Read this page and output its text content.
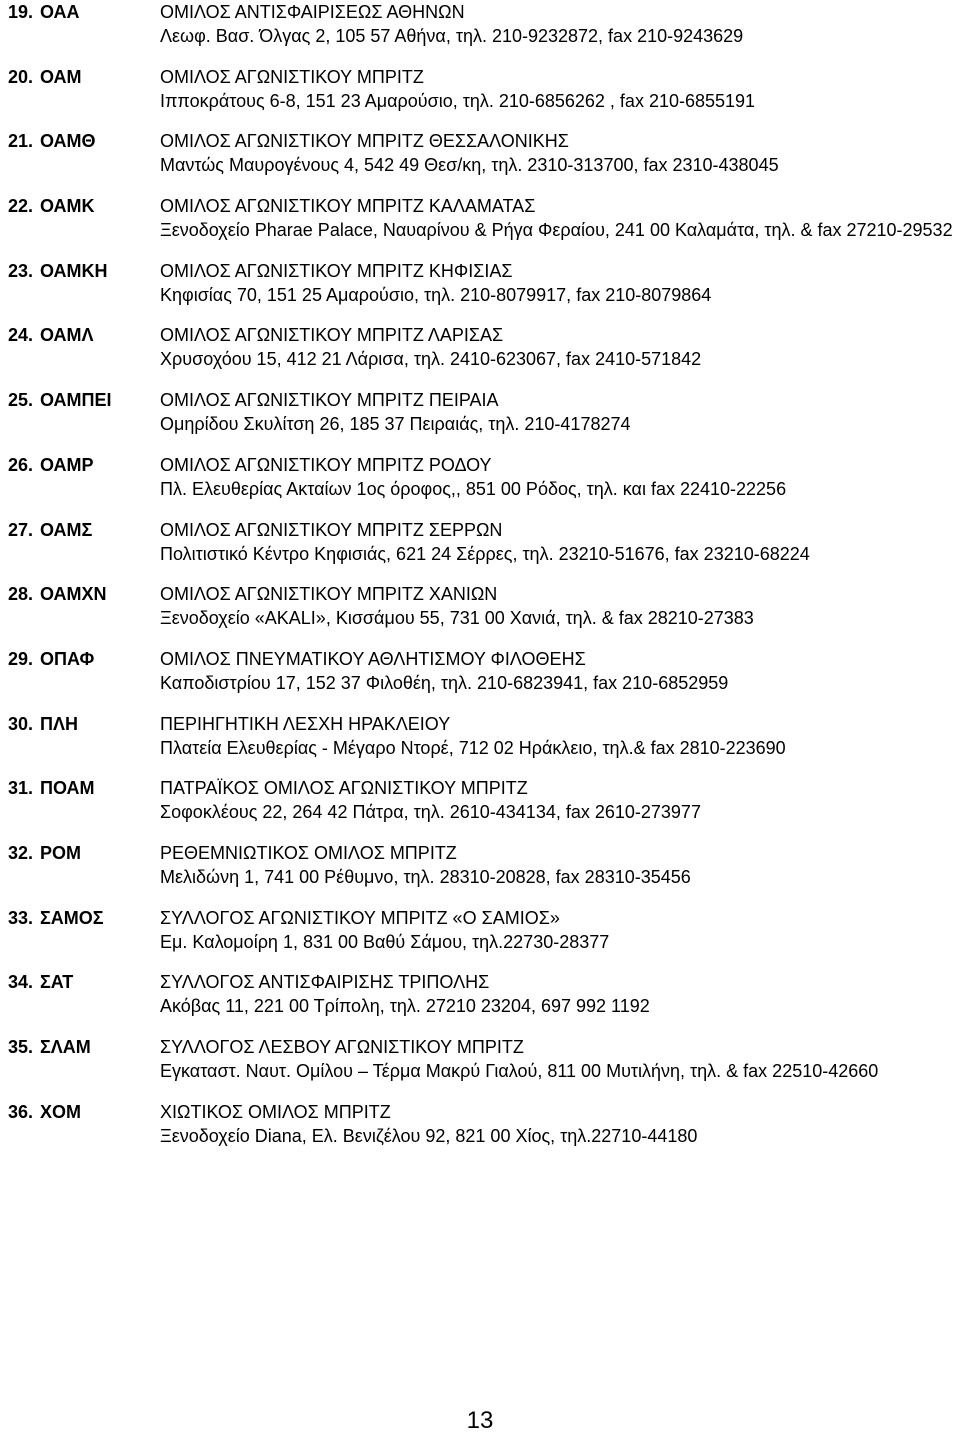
19. ΟΑΑ	ΟΜΙΛΟΣ ΑΝΤΙΣΦΑΙΡΙΣΕΩΣ ΑΘΗΝΩΝ
Λεωφ. Βασ. Όλγας 2, 105 57 Αθήνα, τηλ. 210-9232872, fax 210-9243629
20. ΟΑΜ	ΟΜΙΛΟΣ ΑΓΩΝΙΣΤΙΚΟΥ ΜΠΡΙΤΖ
Ιπποκράτους 6-8, 151 23 Αμαρούσιο, τηλ. 210-6856262 , fax 210-6855191
21. ΟΑΜΘ	ΟΜΙΛΟΣ ΑΓΩΝΙΣΤΙΚΟΥ ΜΠΡΙΤΖ ΘΕΣΣΑΛΟΝΙΚΗΣ
Μαντώς Μαυρογένους 4, 542 49 Θεσ/κη, τηλ. 2310-313700, fax 2310-438045
22. ΟΑΜΚ	ΟΜΙΛΟΣ ΑΓΩΝΙΣΤΙΚΟΥ ΜΠΡΙΤΖ ΚΑΛΑΜΑΤΑΣ
Ξενοδοχείο Pharae Palace, Ναυαρίνου & Ρήγα Φεραίου, 241 00 Καλαμάτα, τηλ. & fax 27210-29532
23. ΟΑΜΚΗ	ΟΜΙΛΟΣ ΑΓΩΝΙΣΤΙΚΟΥ ΜΠΡΙΤΖ ΚΗΦΙΣΙΑΣ
Κηφισίας 70, 151 25 Αμαρούσιο, τηλ. 210-8079917, fax 210-8079864
24. ΟΑΜΛ	ΟΜΙΛΟΣ ΑΓΩΝΙΣΤΙΚΟΥ ΜΠΡΙΤΖ ΛΑΡΙΣΑΣ
Χρυσοχόου 15, 412 21 Λάρισα, τηλ. 2410-623067, fax 2410-571842
25. ΟΑΜΠΕΙ	ΟΜΙΛΟΣ ΑΓΩΝΙΣΤΙΚΟΥ ΜΠΡΙΤΖ ΠΕΙΡΑΙΑ
Ομηρίδου Σκυλίτση 26, 185 37 Πειραιάς, τηλ. 210-4178274
26. ΟΑΜΡ	ΟΜΙΛΟΣ ΑΓΩΝΙΣΤΙΚΟΥ ΜΠΡΙΤΖ ΡΟΔΟΥ
Πλ. Ελευθερίας Ακταίων 1ος όροφος,, 851 00 Ρόδος, τηλ. και fax 22410-22256
27. ΟΑΜΣ	ΟΜΙΛΟΣ ΑΓΩΝΙΣΤΙΚΟΥ ΜΠΡΙΤΖ ΣΕΡΡΩΝ
Πολιτιστικό Κέντρο Κηφισιάς, 621 24 Σέρρες, τηλ. 23210-51676, fax 23210-68224
28. ΟΑΜΧΝ	ΟΜΙΛΟΣ ΑΓΩΝΙΣΤΙΚΟΥ ΜΠΡΙΤΖ ΧΑΝΙΩΝ
Ξενοδοχείο «ΑΚΑLΙ», Κισσάμου 55, 731 00 Χανιά, τηλ. & fax 28210-27383
29. ΟΠΑΦ	ΟΜΙΛΟΣ ΠΝΕΥΜΑΤΙΚΟΥ ΑΘΛΗΤΙΣΜΟΥ ΦΙΛΟΘΕΗΣ
Καποδιστρίου 17, 152 37 Φιλοθέη, τηλ. 210-6823941, fax 210-6852959
30. ΠΛΗ	ΠΕΡΙΗΓΗΤΙΚΗ ΛΕΣΧΗ ΗΡΑΚΛΕΙΟΥ
Πλατεία Ελευθερίας - Μέγαρο Ντορέ, 712 02 Ηράκλειο, τηλ.& fax 2810-223690
31. ΠΟΑΜ	ΠΑΤΡΑΪΚΟΣ ΟΜΙΛΟΣ ΑΓΩΝΙΣΤΙΚΟΥ ΜΠΡΙΤΖ
Σοφοκλέους 22, 264 42 Πάτρα, τηλ. 2610-434134, fax 2610-273977
32. ΡΟΜ	ΡΕΘΕΜΝΙΩΤΙΚΟΣ ΟΜΙΛΟΣ ΜΠΡΙΤΖ
Μελιδώνη 1, 741 00 Ρέθυμνο, τηλ. 28310-20828, fax 28310-35456
33. ΣΑΜΟΣ	ΣΥΛΛΟΓΟΣ ΑΓΩΝΙΣΤΙΚΟΥ ΜΠΡΙΤΖ «Ο ΣΑΜΙΟΣ»
Εμ. Καλομοίρη 1, 831 00 Βαθύ Σάμου, τηλ.22730-28377
34. ΣΑΤ	ΣΥΛΛΟΓΟΣ ΑΝΤΙΣΦΑΙΡΙΣΗΣ ΤΡΙΠΟΛΗΣ
Ακόβας 11, 221 00 Τρίπολη, τηλ. 27210 23204, 697 992 1192
35. ΣΛΑΜ	ΣΥΛΛΟΓΟΣ ΛΕΣΒΟΥ ΑΓΩΝΙΣΤΙΚΟΥ ΜΠΡΙΤΖ
Εγκαταστ. Ναυτ. Ομίλου – Τέρμα Μακρύ Γιαλού, 811 00 Μυτιλήνη, τηλ. & fax 22510-42660
36. ΧΟΜ	ΧΙΩΤΙΚΟΣ ΟΜΙΛΟΣ ΜΠΡΙΤΖ
Ξενοδοχείο Diana, Ελ. Βενιζέλου 92, 821 00 Χίος, τηλ.22710-44180
13
